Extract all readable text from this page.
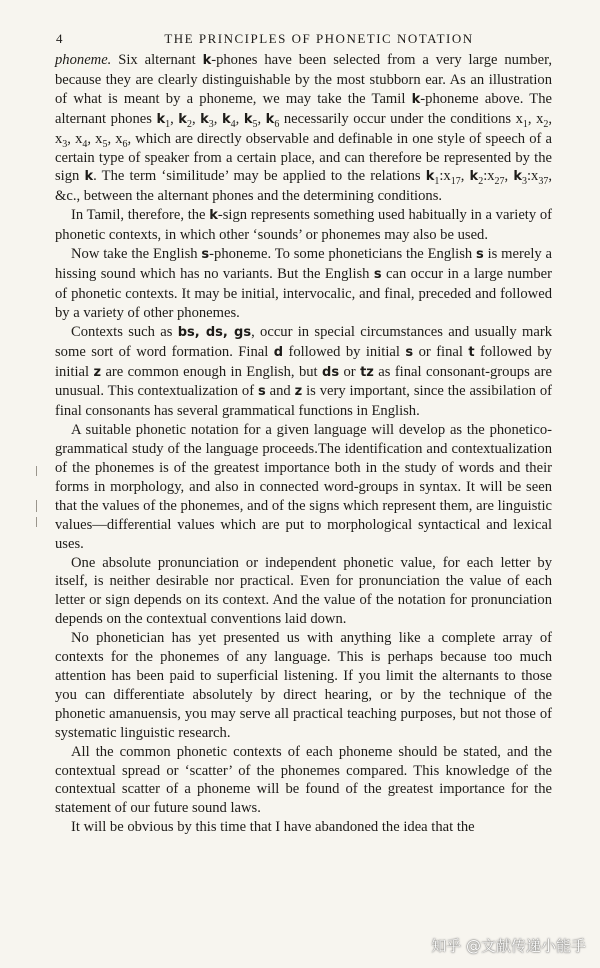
4	THE PRINCIPLES OF PHONETIC NOTATION

phoneme. Six alternant k-phones have been selected from a very large number, because they are clearly distinguishable by the most stubborn ear. As an illustration of what is meant by a phoneme, we may take the Tamil k-phoneme above. The alternant phones $k_1$, $k_2$, $k_3$, $k_4$, $k_5$, $k_6$ necessarily occur under the conditions $x_1$, $x_2$, $x_3$, $x_4$, $x_5$, $x_6$, which are directly observable and definable in one style of speech of a certain type of speaker from a certain place, and can therefore be represented by the sign k. The term ‘similitude’ may be applied to the relations $k_1:x_{17}$, $k_2:x_{27}$, $k_3:x_{37}$, &c., between the alternant phones and the determining conditions.

In Tamil, therefore, the k-sign represents something used habitually in a variety of phonetic contexts, in which other ‘sounds’ or phonemes may also be used.

Now take the English s-phoneme. To some phoneticians the English s is merely a hissing sound which has no variants. But the English s can occur in a large number of phonetic contexts. It may be initial, intervocalic, and final, preceded and followed by a variety of other phonemes.

Contexts such as bs, ds, gs, occur in special circumstances and usually mark some sort of word formation. Final d followed by initial s or final t followed by initial z are common enough in English, but ds or tz as final consonant-groups are unusual. This contextualization of s and z is very important, since the assibilation of final consonants has several grammatical functions in English.

A suitable phonetic notation for a given language will develop as the phonetico-grammatical study of the language proceeds.The identification and contextualization of the phonemes is of the greatest importance both in the study of words and their forms in morphology, and also in connected word-groups in syntax. It will be seen that the values of the phonemes, and of the signs which represent them, are linguistic values—differential values which are put to morphological syntactical and lexical uses.

One absolute pronunciation or independent phonetic value, for each letter by itself, is neither desirable nor practical. Even for pronunciation the value of each letter or sign depends on its context. And the value of the notation for pronunciation depends on the contextual conventions laid down.

No phonetician has yet presented us with anything like a complete array of contexts for the phonemes of any language. This is perhaps because too much attention has been paid to superficial listening. If you limit the alternants to those you can differentiate absolutely by direct hearing, or by the technique of the phonetic amanuensis, you may serve all practical teaching purposes, but not those of systematic linguistic research.

All the common phonetic contexts of each phoneme should be stated, and the contextual spread or ‘scatter’ of the phonemes compared. This knowledge of the contextual scatter of a phoneme will be found of the greatest importance for the statement of our future sound laws.

It will be obvious by this time that I have abandoned the idea that the

知乎 @文献传递小能手
